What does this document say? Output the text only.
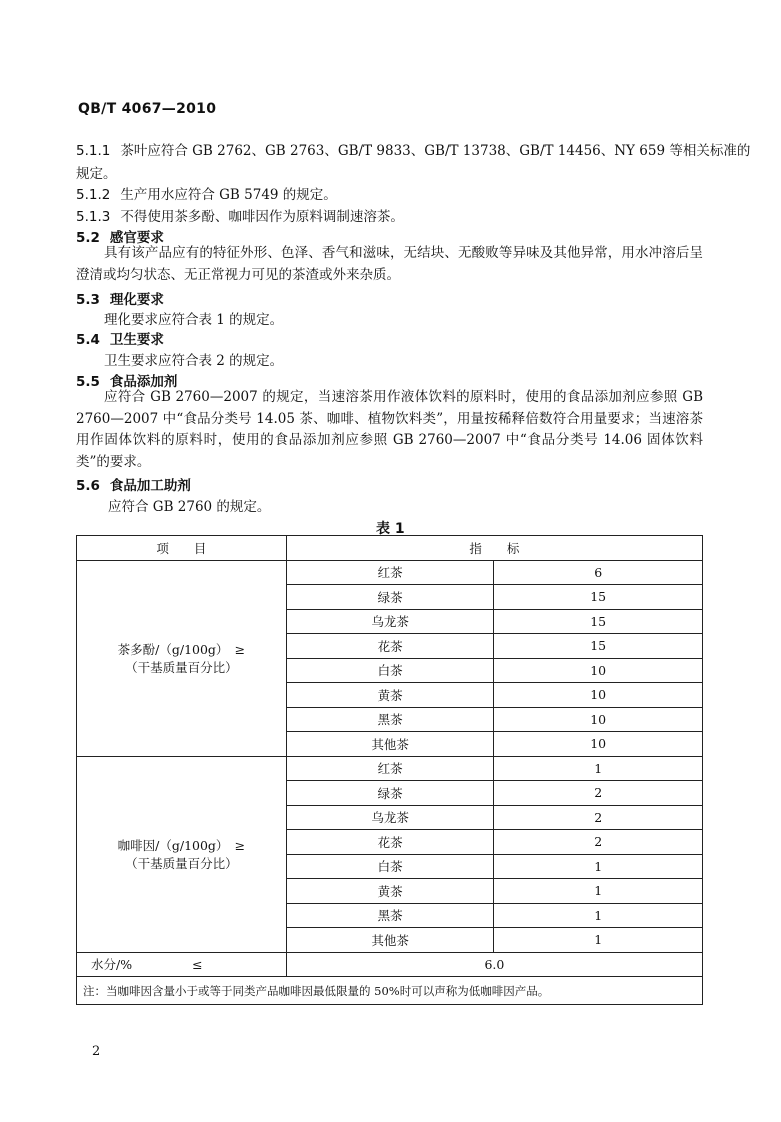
QB/T 4067—2010
5.1.1 茶叶应符合 GB 2762、GB 2763、GB/T 9833、GB/T 13738、GB/T 14456、NY 659 等相关标准的
规定。
5.1.2 生产用水应符合 GB 5749 的规定。
5.1.3 不得使用茶多酚、咖啡因作为原料调制速溶茶。
5.2 感官要求
具有该产品应有的特征外形、色泽、香气和滋味，无结块、无酸败等异味及其他异常，用水冲溶后呈澄清或均匀状态、无正常视力可见的茶渣或外来杂质。
5.3 理化要求
理化要求应符合表 1 的规定。
5.4 卫生要求
卫生要求应符合表 2 的规定。
5.5 食品添加剂
应符合 GB 2760—2007 的规定，当速溶茶用作液体饮料的原料时，使用的食品添加剂应参照 GB 2760—2007 中“食品分类号 14.05 茶、咖啡、植物饮料类”，用量按稀释倍数符合用量要求；当速溶茶用作固体饮料的原料时，使用的食品添加剂应参照 GB 2760—2007 中“食品分类号 14.06 固体饮料类”的要求。
5.6 食品加工助剂
应符合 GB 2760 的规定。
表 1
项　　目	指　　标	

茶多酚/（g/100g）　≥
（干基质量百分比）	红茶	6
	绿茶	15
	乌龙茶	15
	花茶	15
	白茶	10
	黄茶	10
	黑茶	10
	其他茶	10

咖啡因/（g/100g）　≥
（干基质量百分比）	红茶	1
	绿茶	2
	乌龙茶	2
	花茶	2
	白茶	1
	黄茶	1
	黑茶	1
	其他茶	1
水分/% ≤	6.0	
注：当咖啡因含量小于或等于同类产品咖啡因最低限量的 50%时可以声称为低咖啡因产品。		
2
